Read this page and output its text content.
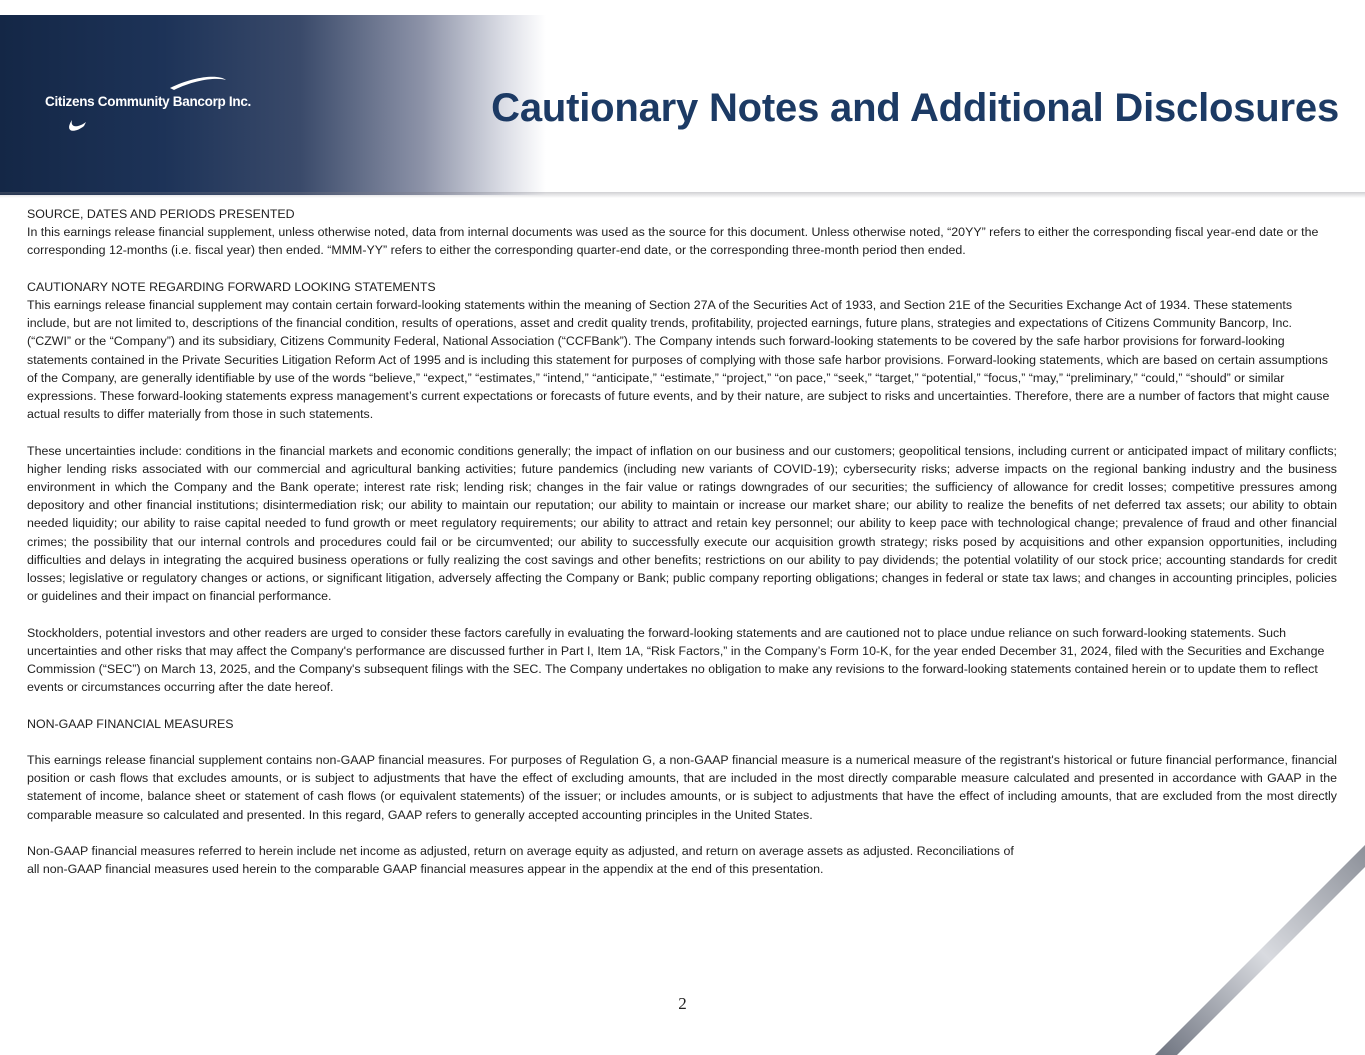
Citizens Community Bancorp Inc.	Cautionary Notes and Additional Disclosures

SOURCE, DATES AND PERIODS PRESENTED

In this earnings release financial supplement, unless otherwise noted, data from internal documents was used as the source for this document. Unless otherwise noted, “20YY” refers to either the corresponding fiscal year-end date or the corresponding 12-months (i.e. fiscal year) then ended. “MMM-YY” refers to either the corresponding quarter-end date, or the corresponding three-month period then ended.

CAUTIONARY NOTE REGARDING FORWARD LOOKING STATEMENTS

This earnings release financial supplement may contain certain forward-looking statements within the meaning of Section 27A of the Securities Act of 1933, and Section 21E of the Securities Exchange Act of 1934. These statements include, but are not limited to, descriptions of the financial condition, results of operations, asset and credit quality trends, profitability, projected earnings, future plans, strategies and expectations of Citizens Community Bancorp, Inc. (“CZWI” or the “Company”) and its subsidiary, Citizens Community Federal, National Association (“CCFBank”). The Company intends such forward-looking statements to be covered by the safe harbor provisions for forward-looking statements contained in the Private Securities Litigation Reform Act of 1995 and is including this statement for purposes of complying with those safe harbor provisions. Forward-looking statements, which are based on certain assumptions of the Company, are generally identifiable by use of the words “believe,” “expect,” “estimates,” “intend,” “anticipate,” “estimate,” “project,” “on pace,” “seek,” “target,” “potential,” “focus,” “may,” “preliminary,” “could,” “should” or similar expressions. These forward-looking statements express management’s current expectations or forecasts of future events, and by their nature, are subject to risks and uncertainties. Therefore, there are a number of factors that might cause actual results to differ materially from those in such statements.

These uncertainties include: conditions in the financial markets and economic conditions generally; the impact of inflation on our business and our customers; geopolitical tensions, including current or anticipated impact of military conflicts; higher lending risks associated with our commercial and agricultural banking activities; future pandemics (including new variants of COVID-19); cybersecurity risks; adverse impacts on the regional banking industry and the business environment in which the Company and the Bank operate; interest rate risk; lending risk; changes in the fair value or ratings downgrades of our securities; the sufficiency of allowance for credit losses; competitive pressures among depository and other financial institutions; disintermediation risk; our ability to maintain our reputation; our ability to maintain or increase our market share; our ability to realize the benefits of net deferred tax assets; our ability to obtain needed liquidity; our ability to raise capital needed to fund growth or meet regulatory requirements; our ability to attract and retain key personnel; our ability to keep pace with technological change; prevalence of fraud and other financial crimes; the possibility that our internal controls and procedures could fail or be circumvented; our ability to successfully execute our acquisition growth strategy; risks posed by acquisitions and other expansion opportunities, including difficulties and delays in integrating the acquired business operations or fully realizing the cost savings and other benefits; restrictions on our ability to pay dividends; the potential volatility of our stock price; accounting standards for credit losses; legislative or regulatory changes or actions, or significant litigation, adversely affecting the Company or Bank; public company reporting obligations; changes in federal or state tax laws; and changes in accounting principles, policies or guidelines and their impact on financial performance.

Stockholders, potential investors and other readers are urged to consider these factors carefully in evaluating the forward-looking statements and are cautioned not to place undue reliance on such forward-looking statements. Such uncertainties and other risks that may affect the Company's performance are discussed further in Part I, Item 1A, “Risk Factors,” in the Company’s Form 10-K, for the year ended December 31, 2024, filed with the Securities and Exchange Commission (“SEC”) on March 13, 2025, and the Company's subsequent filings with the SEC. The Company undertakes no obligation to make any revisions to the forward-looking statements contained herein or to update them to reflect events or circumstances occurring after the date hereof.

NON-GAAP FINANCIAL MEASURES

This earnings release financial supplement contains non-GAAP financial measures. For purposes of Regulation G, a non-GAAP financial measure is a numerical measure of the registrant's historical or future financial performance, financial position or cash flows that excludes amounts, or is subject to adjustments that have the effect of excluding amounts, that are included in the most directly comparable measure calculated and presented in accordance with GAAP in the statement of income, balance sheet or statement of cash flows (or equivalent statements) of the issuer; or includes amounts, or is subject to adjustments that have the effect of including amounts, that are excluded from the most directly comparable measure so calculated and presented. In this regard, GAAP refers to generally accepted accounting principles in the United States.

Non-GAAP financial measures referred to herein include net income as adjusted, return on average equity as adjusted, and return on average assets as adjusted. Reconciliations of

all non-GAAP financial measures used herein to the comparable GAAP financial measures appear in the appendix at the end of this presentation.

2
